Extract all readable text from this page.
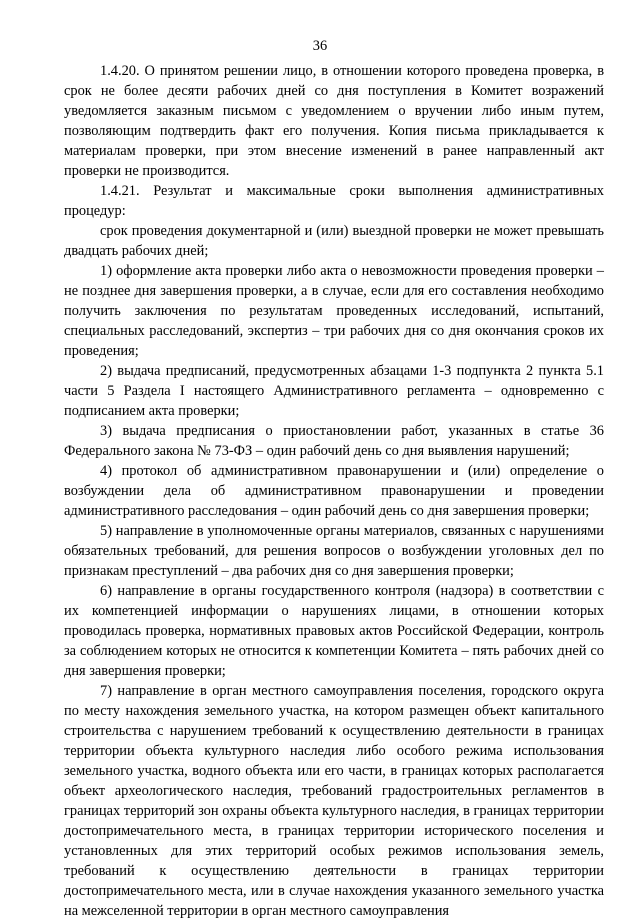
36

1.4.20. О принятом решении лицо, в отношении которого проведена проверка, в срок не более десяти рабочих дней со дня поступления в Комитет возражений уведомляется заказным письмом с уведомлением о вручении либо иным путем, позволяющим подтвердить факт его получения. Копия письма прикладывается к материалам проверки, при этом внесение изменений в ранее направленный акт проверки не производится.

1.4.21. Результат и максимальные сроки выполнения административных процедур:

срок проведения документарной и (или) выездной проверки не может превышать двадцать рабочих дней;

1) оформление акта проверки либо акта о невозможности проведения проверки – не позднее дня завершения проверки, а в случае, если для его составления необходимо получить заключения по результатам проведенных исследований, испытаний, специальных расследований, экспертиз – три рабочих дня со дня окончания сроков их проведения;

2) выдача предписаний, предусмотренных абзацами 1-3 подпункта 2 пункта 5.1 части 5 Раздела I настоящего Административного регламента – одновременно с подписанием акта проверки;

3) выдача предписания о приостановлении работ, указанных в статье 36 Федерального закона № 73-ФЗ – один рабочий день со дня выявления нарушений;

4) протокол об административном правонарушении и (или) определение о возбуждении дела об административном правонарушении и проведении административного расследования – один рабочий день со дня завершения проверки;

5) направление в уполномоченные органы материалов, связанных с нарушениями обязательных требований, для решения вопросов о возбуждении уголовных дел по признакам преступлений – два рабочих дня со дня завершения проверки;

6) направление в органы государственного контроля (надзора) в соответствии с их компетенцией информации о нарушениях лицами, в отношении которых проводилась проверка, нормативных правовых актов Российской Федерации, контроль за соблюдением которых не относится к компетенции Комитета – пять рабочих дней со дня завершения проверки;

7) направление в орган местного самоуправления поселения, городского округа по месту нахождения земельного участка, на котором размещен объект капитального строительства с нарушением требований к осуществлению деятельности в границах территории объекта культурного наследия либо особого режима использования земельного участка, водного объекта или его части, в границах которых располагается объект археологического наследия, требований градостроительных регламентов в границах территорий зон охраны объекта культурного наследия, в границах территории достопримечательного места, в границах территории исторического поселения и установленных для этих территорий особых режимов использования земель, требований к осуществлению деятельности в границах территории достопримечательного места, или в случае нахождения указанного земельного участка на межселенной территории в орган местного самоуправления
